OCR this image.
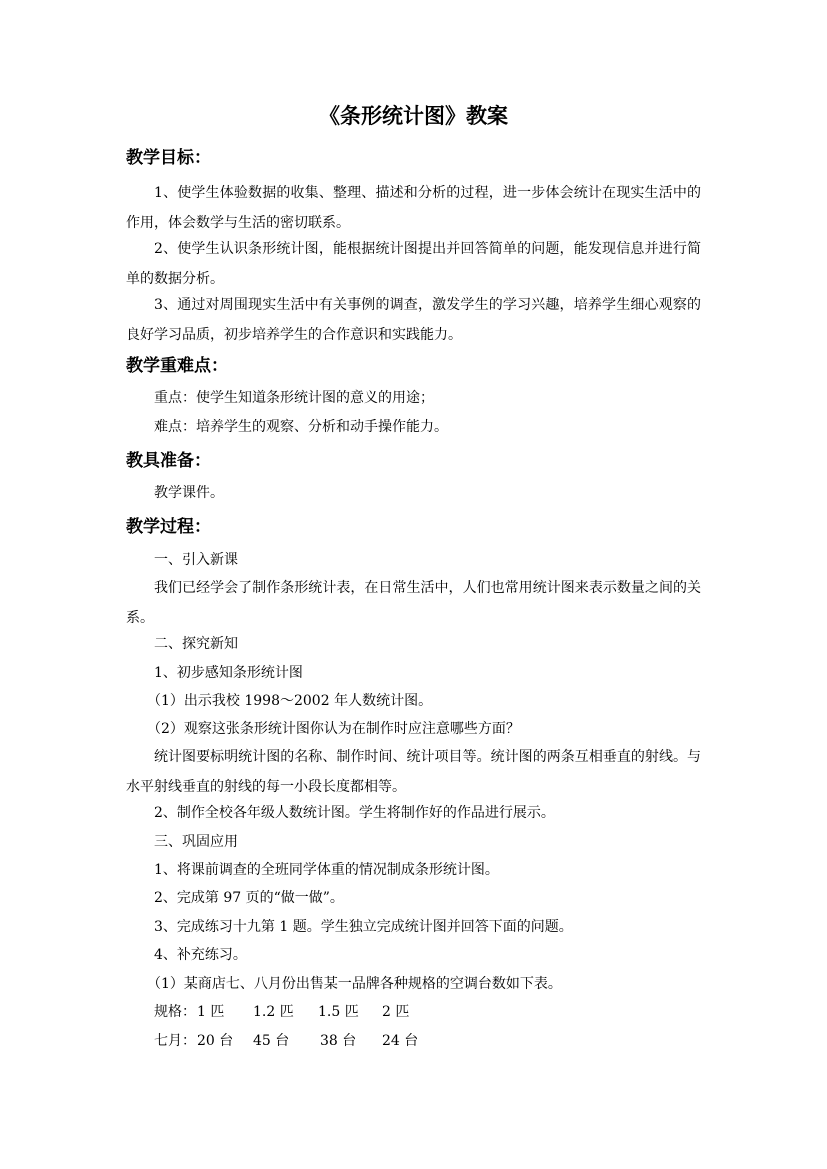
《条形统计图》教案
教学目标：
1、使学生体验数据的收集、整理、描述和分析的过程，进一步体会统计在现实生活中的作用，体会数学与生活的密切联系。
2、使学生认识条形统计图，能根据统计图提出并回答简单的问题，能发现信息并进行简单的数据分析。
3、通过对周围现实生活中有关事例的调查，激发学生的学习兴趣，培养学生细心观察的良好学习品质，初步培养学生的合作意识和实践能力。
教学重难点：
重点：使学生知道条形统计图的意义的用途；
难点：培养学生的观察、分析和动手操作能力。
教具准备：
教学课件。
教学过程：
一、引入新课
我们已经学会了制作条形统计表，在日常生活中，人们也常用统计图来表示数量之间的关系。
二、探究新知
1、初步感知条形统计图
（1）出示我校 1998～2002 年人数统计图。
（2）观察这张条形统计图你认为在制作时应注意哪些方面？
统计图要标明统计图的名称、制作时间、统计项目等。统计图的两条互相垂直的射线。与水平射线垂直的射线的每一小段长度都相等。
2、制作全校各年级人数统计图。学生将制作好的作品进行展示。
三、巩固应用
1、将课前调查的全班同学体重的情况制成条形统计图。
2、完成第 97 页的“做一做”。
3、完成练习十九第 1 题。学生独立完成统计图并回答下面的问题。
4、补充练习。
（1）某商店七、八月份出售某一品牌各种规格的空调台数如下表。
规格： 1 匹 1.2 匹 1.5 匹 2 匹
七月： 20 台 45 台 38 台 24 台
